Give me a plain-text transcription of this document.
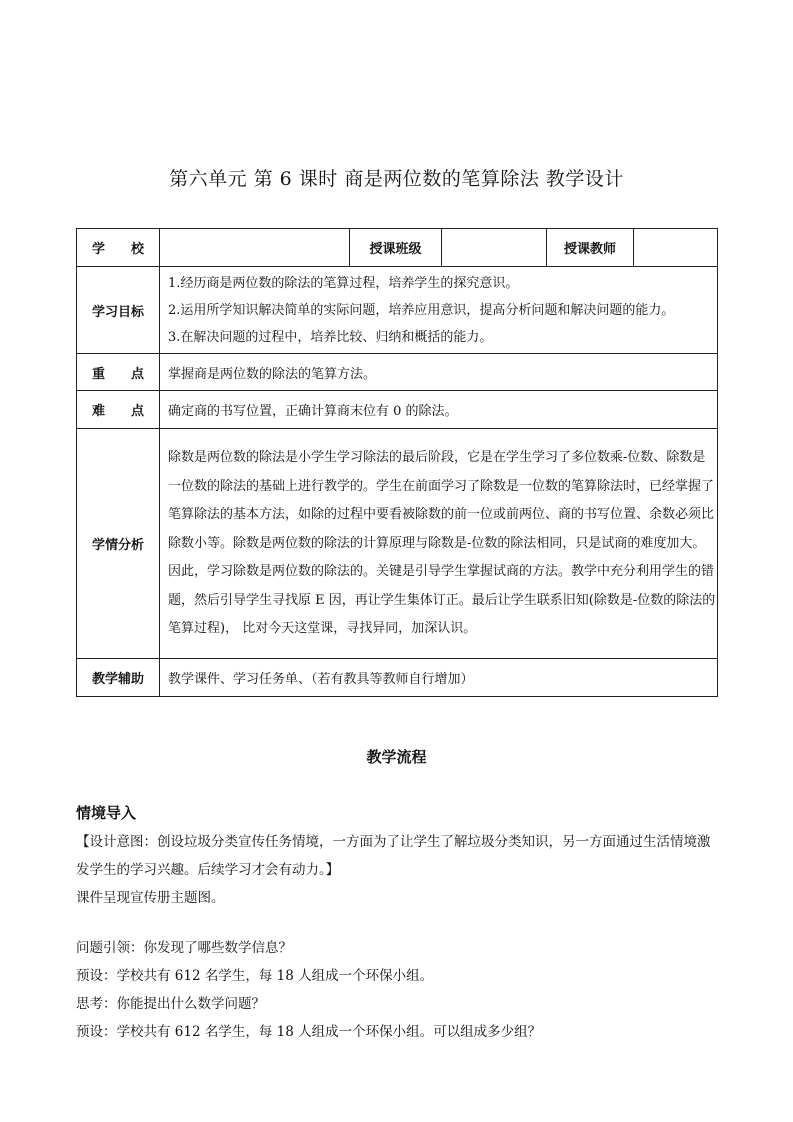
第六单元 第 6 课时 商是两位数的笔算除法 教学设计
学　　校		授课班级		授课教师	
学习目标	1.经历商是两位数的除法的笔算过程，培养学生的探究意识。
2.运用所学知识解决简单的实际问题，培养应用意识，提高分析问题和解决问题的能力。
3.在解决问题的过程中，培养比较、归纳和概括的能力。				

重　　点	掌握商是两位数的除法的笔算方法。				
难　　点	确定商的书写位置，正确计算商末位有 0 的除法。				
学情分析	除数是两位数的除法是小学生学习除法的最后阶段，它是在学生学习了多位数乘-位数、除数是一位数的除法的基础上进行教学的。学生在前面学习了除数是一位数的笔算除法时，已经掌握了笔算除法的基本方法，如除的过程中要看被除数的前一位或前两位、商的书写位置、余数必须比除数小等。除数是两位数的除法的计算原理与除数是-位数的除法相同，只是试商的难度加大。因此，学习除数是两位数的除法的。关键是引导学生掌握试商的方法。教学中充分利用学生的错题，然后引导学生寻找原 E 因，再让学生集体订正。最后让学生联系旧知(除数是-位数的除法的笔算过程)， 比对今天这堂课，寻找异同，加深认识。				

教学辅助	教学课件、学习任务单、（若有教具等教师自行增加）				
教学流程
情境导入
【设计意图：创设垃圾分类宣传任务情境，一方面为了让学生了解垃圾分类知识，另一方面通过生活情境激发学生的学习兴趣。后续学习才会有动力。】
课件呈现宣传册主题图。
问题引领：你发现了哪些数学信息？
预设：学校共有 612 名学生，每 18 人组成一个环保小组。
思考：你能提出什么数学问题？
预设：学校共有 612 名学生，每 18 人组成一个环保小组。可以组成多少组？
